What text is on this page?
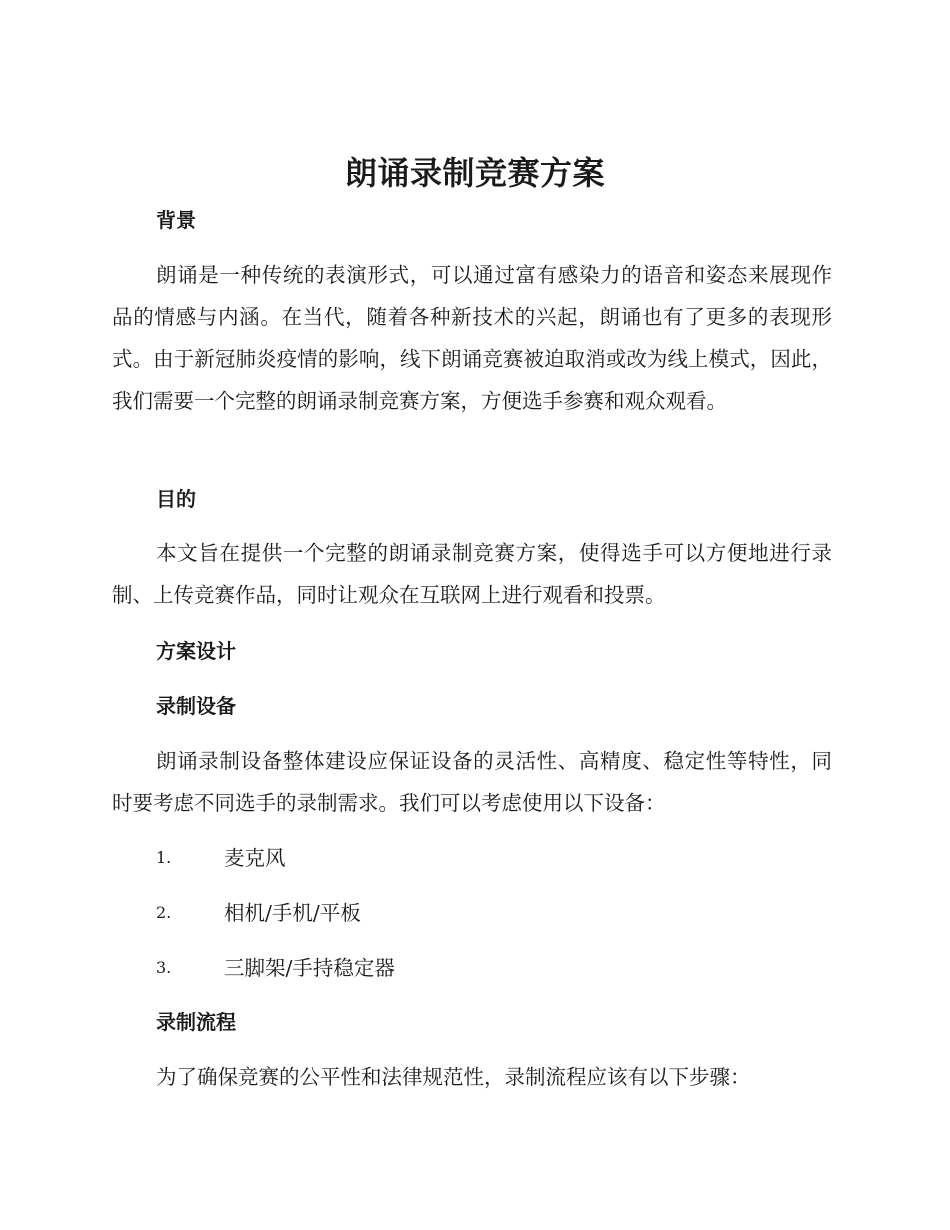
朗诵录制竞赛方案
背景

朗诵是一种传统的表演形式，可以通过富有感染力的语音和姿态来展现作品的情感与内涵。在当代，随着各种新技术的兴起，朗诵也有了更多的表现形式。由于新冠肺炎疫情的影响，线下朗诵竞赛被迫取消或改为线上模式，因此，我们需要一个完整的朗诵录制竞赛方案，方便选手参赛和观众观看。

目的

本文旨在提供一个完整的朗诵录制竞赛方案，使得选手可以方便地进行录制、上传竞赛作品，同时让观众在互联网上进行观看和投票。

方案设计
录制设备

朗诵录制设备整体建设应保证设备的灵活性、高精度、稳定性等特性，同时要考虑不同选手的录制需求。我们可以考虑使用以下设备：

1.	麦克风
2.	相机/手机/平板
3.	三脚架/手持稳定器
录制流程

为了确保竞赛的公平性和法律规范性，录制流程应该有以下步骤：
